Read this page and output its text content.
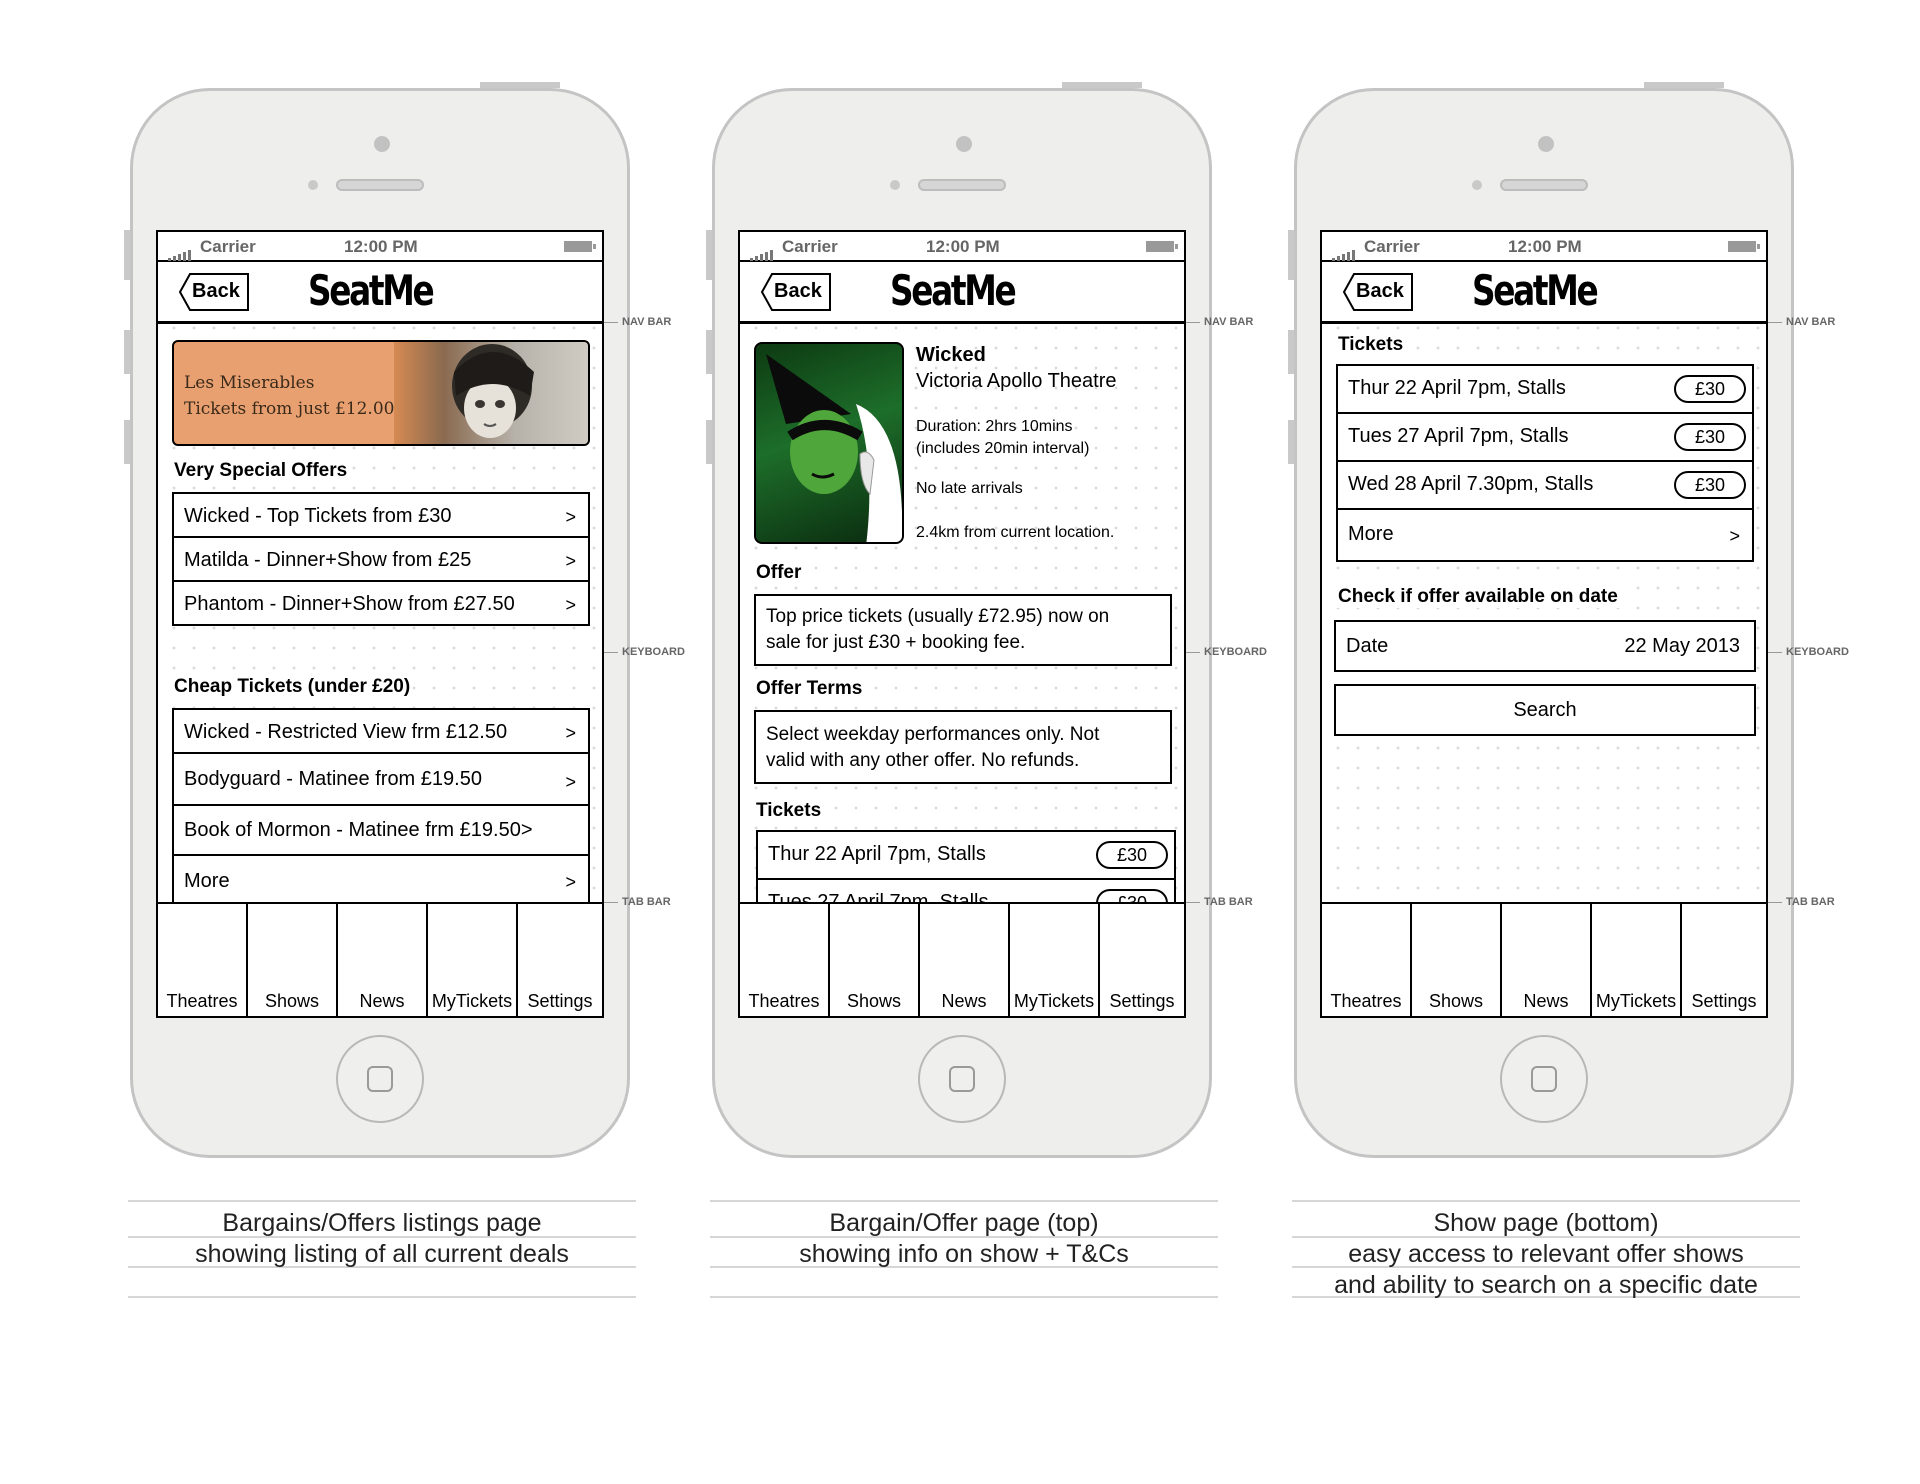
Carrier	12:00 PM
Back SeatMe
Les Miserables
Tickets from just £12.00
Very Special Offers
Wicked - Top Tickets from £30	>
Matilda - Dinner+Show from £25	>
Phantom - Dinner+Show from £27.50	>
Cheap Tickets (under £20)
Wicked - Restricted View frm £12.50	>
Bodyguard - Matinee from £19.50	>
Book of Mormon - Matinee frm £19.50>
More	>
Theatres	Shows	News	MyTickets Settings
NAV BAR
KEYBOARD
TAB BAR
Bargains/Offers listings page
showing listing of all current deals
Carrier	12:00 PM
Back SeatMe
Wicked
Victoria Apollo Theatre
Duration: 2hrs 10mins
(includes 20min interval)
No late arrivals
2.4km from current location.
Offer
Top price tickets (usually £72.95) now on
sale for just £30 + booking fee.
Offer Terms
Select weekday performances only. Not
valid with any other offer. No refunds.
Tickets
Thur 22 April 7pm, Stalls	£30
Theatres	Shows	News	MyTickets Settings
NAV BAR
KEYBOARD
TAB BAR
Bargain/Offer page (top)
showing info on show + T&Cs
Carrier	12:00 PM
Back SeatMe
Tickets
Thur 22 April 7pm, Stalls	£30
Tues 27 April 7pm, Stalls	£30
Wed 28 April 7.30pm, Stalls	£30
More	>
Check if offer available on date
Date	22 May 2013
Search
Theatres	Shows	News	MyTickets Settings
NAV BAR
KEYBOARD
TAB BAR
Show page (bottom)
easy access to relevant offer shows
and ability to search on a specific date
